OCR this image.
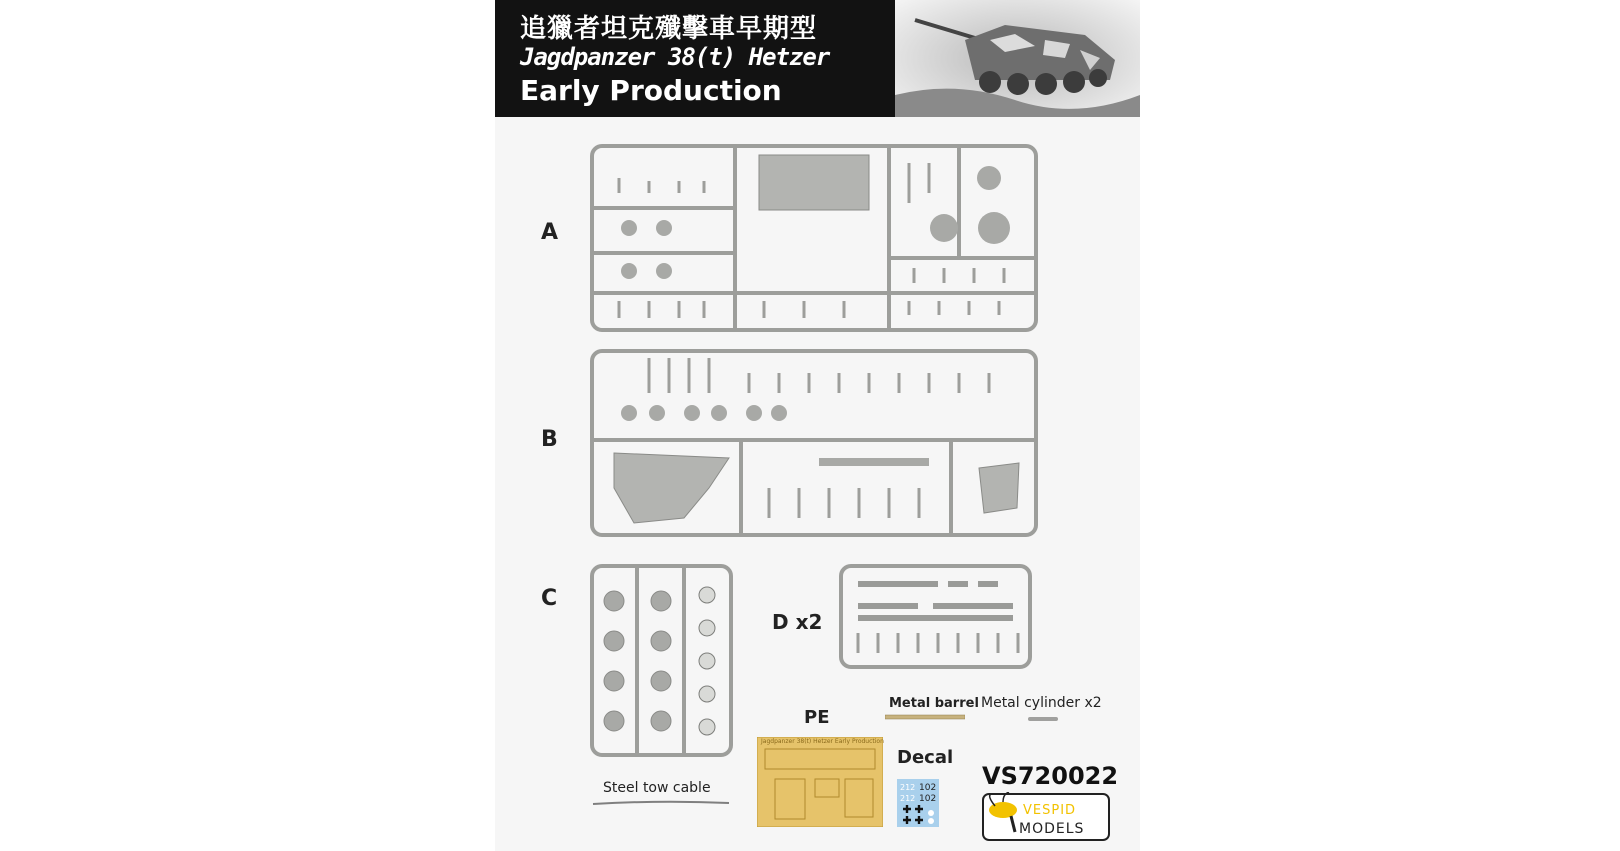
追獵者坦克殲擊車早期型
Jagdpanzer 38(t) Hetzer
Early Production
A
B
C
D x2
Steel tow cable
PE
Jagdpanzer 38(t) Hetzer Early Production
Metal barrel Metal cylinder x2
Decal
212 102
212 102
VS720022
VESPID
MODELS
